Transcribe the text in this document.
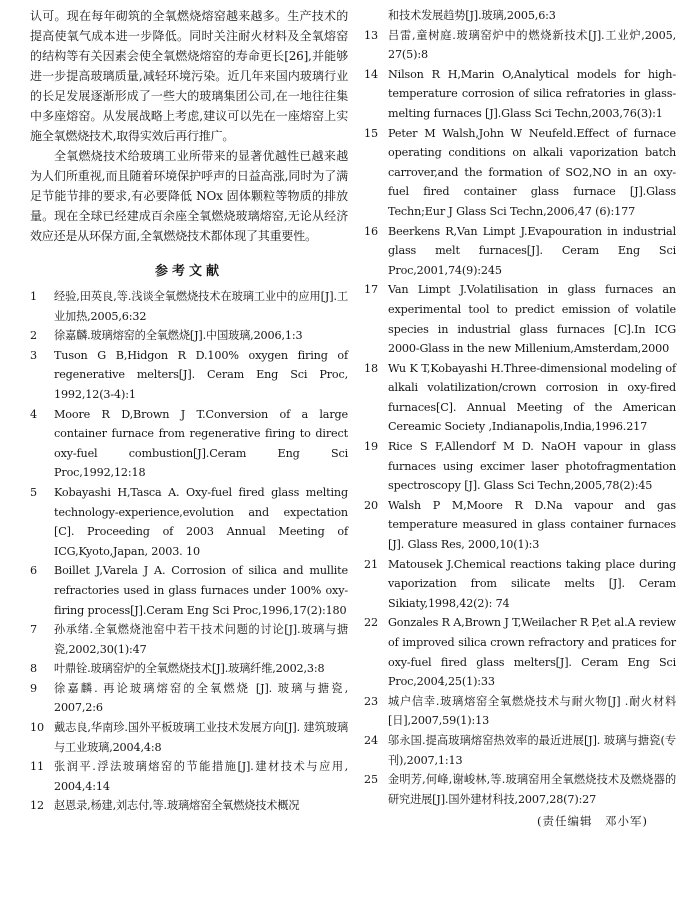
认可。现在每年砌筑的全氧燃烧熔窑越来越多。生产技术的提高使氧气成本进一步降低。同时关注耐火材料及全氧熔窑的结构等有关因素会使全氧燃烧熔窑的寿命更长[26],并能够进一步提高玻璃质量,减轻环境污染。近几年来国内玻璃行业的长足发展逐渐形成了一些大的玻璃集团公司,在一地往往集中多座熔窑。从发展战略上考虑,建议可以先在一座熔窑上实施全氧燃烧技术,取得实效后再行推广。

全氧燃烧技术给玻璃工业所带来的显著优越性已越来越为人们所重视,而且随着环境保护呼声的日益高涨,同时为了满足节能节排的要求,有必要降低 NOx 固体颗粒等物质的排放量。现在全球已经建成百余座全氧燃烧玻璃熔窑,无论从经济效应还是从环保方面,全氧燃烧技术都体现了其重要性。

参考文献
1	经验,田英良,等.浅谈全氧燃烧技术在玻璃工业中的应用[J].工业加热,2005,6:32
2	徐嘉麟.玻璃熔窑的全氧燃烧[J].中国玻璃,2006,1:3
3	Tuson G B,Hidgon R D.100% oxygen firing of regenerative melters[J]. Ceram Eng Sci Proc, 1992,12(3-4):1
4	Moore R D,Brown J T.Conversion of a large container furnace from regenerative firing to direct oxy-fuel combustion[J].Ceram Eng Sci Proc,1992,12:18
5	Kobayashi H,Tasca A. Oxy-fuel fired glass melting technology-experience,evolution and expectation [C]. Proceeding of 2003 Annual Meeting of ICG,Kyoto,Japan, 2003. 10
6	Boillet J,Varela J A. Corrosion of silica and mullite refractories used in glass furnaces under 100% oxy-firing process[J].Ceram Eng Sci Proc,1996,17(2):180
7	孙承绪.全氧燃烧池窑中若干技术问题的讨论[J].玻璃与搪瓷,2002,30(1):47
8	叶鼎铨.玻璃窑炉的全氧燃烧技术[J].玻璃纤维,2002,3:8
9	徐嘉麟. 再论玻璃熔窑的全氧燃烧 [J]. 玻璃与搪瓷, 2007,2:6
10 戴志良,华南珍.国外平板玻璃工业技术发展方向[J]. 建筑玻璃与工业玻璃,2004,4:8
11 张润平.浮法玻璃熔窑的节能措施[J].建材技术与应用, 2004,4:14
12 赵恩录,杨建,刘志付,等.玻璃熔窑全氧燃烧技术概况
和技术发展趋势[J].玻璃,2005,6:3
13 吕雷,童树庭.玻璃窑炉中的燃烧新技术[J].工业炉,2005, 27(5):8
14 Nilson R H,Marin O,Analytical models for high-temperature corrosion of silica refratories in glass-melting furnaces [J].Glass Sci Techn,2003,76(3):1
15 Peter M Walsh,John W Neufeld.Effect of furnace operating conditions on alkali vaporization batch carrover,and the formation of SO2,NO in an oxy-fuel fired container glass furnace [J].Glass Techn;Eur J Glass Sci Techn,2006,47 (6):177
16 Beerkens R,Van Limpt J.Evapouration in industrial glass melt furnaces[J]. Ceram Eng Sci Proc,2001,74(9):245
17 Van Limpt J.Volatilisation in glass furnaces an experimental tool to predict emission of volatile species in industrial glass furnaces [C].In ICG 2000-Glass in the new Millenium,Amsterdam,2000
18 Wu K T,Kobayashi H.Three-dimensional modeling of alkali volatilization/crown corrosion in oxy-fired furnaces[C]. Annual Meeting of the American Cereamic Society ,Indianapolis,India,1996.217
19 Rice S F,Allendorf M D. NaOH vapour in glass furnaces using excimer laser photofragmentation spectroscopy [J]. Glass Sci Techn,2005,78(2):45
20 Walsh P M,Moore R D.Na vapour and gas temperature measured in glass container furnaces [J]. Glass Res, 2000,10(1):3
21 Matousek J.Chemical reactions taking place during vaporization from silicate melts [J]. Ceram Sikiaty,1998,42(2): 74
22 Gonzales R A,Brown J T,Weilacher R P,et al.A review of improved silica crown refractory and pratices for oxy-fuel fired glass melters[J]. Ceram Eng Sci Proc,2004,25(1):33
23 城户信幸.玻璃熔窑全氧燃烧技术与耐火物[J] .耐火材料[日],2007,59(1):13
24 邬永国.提高玻璃熔窑热效率的最近进展[J]. 玻璃与搪瓷(专刊),2007,1:13
25 金明芳,何峰,谢峻林,等.玻璃窑用全氧燃烧技术及燃烧器的研究进展[J].国外建材科技,2007,28(7):27
(责任编辑　邓小军)
